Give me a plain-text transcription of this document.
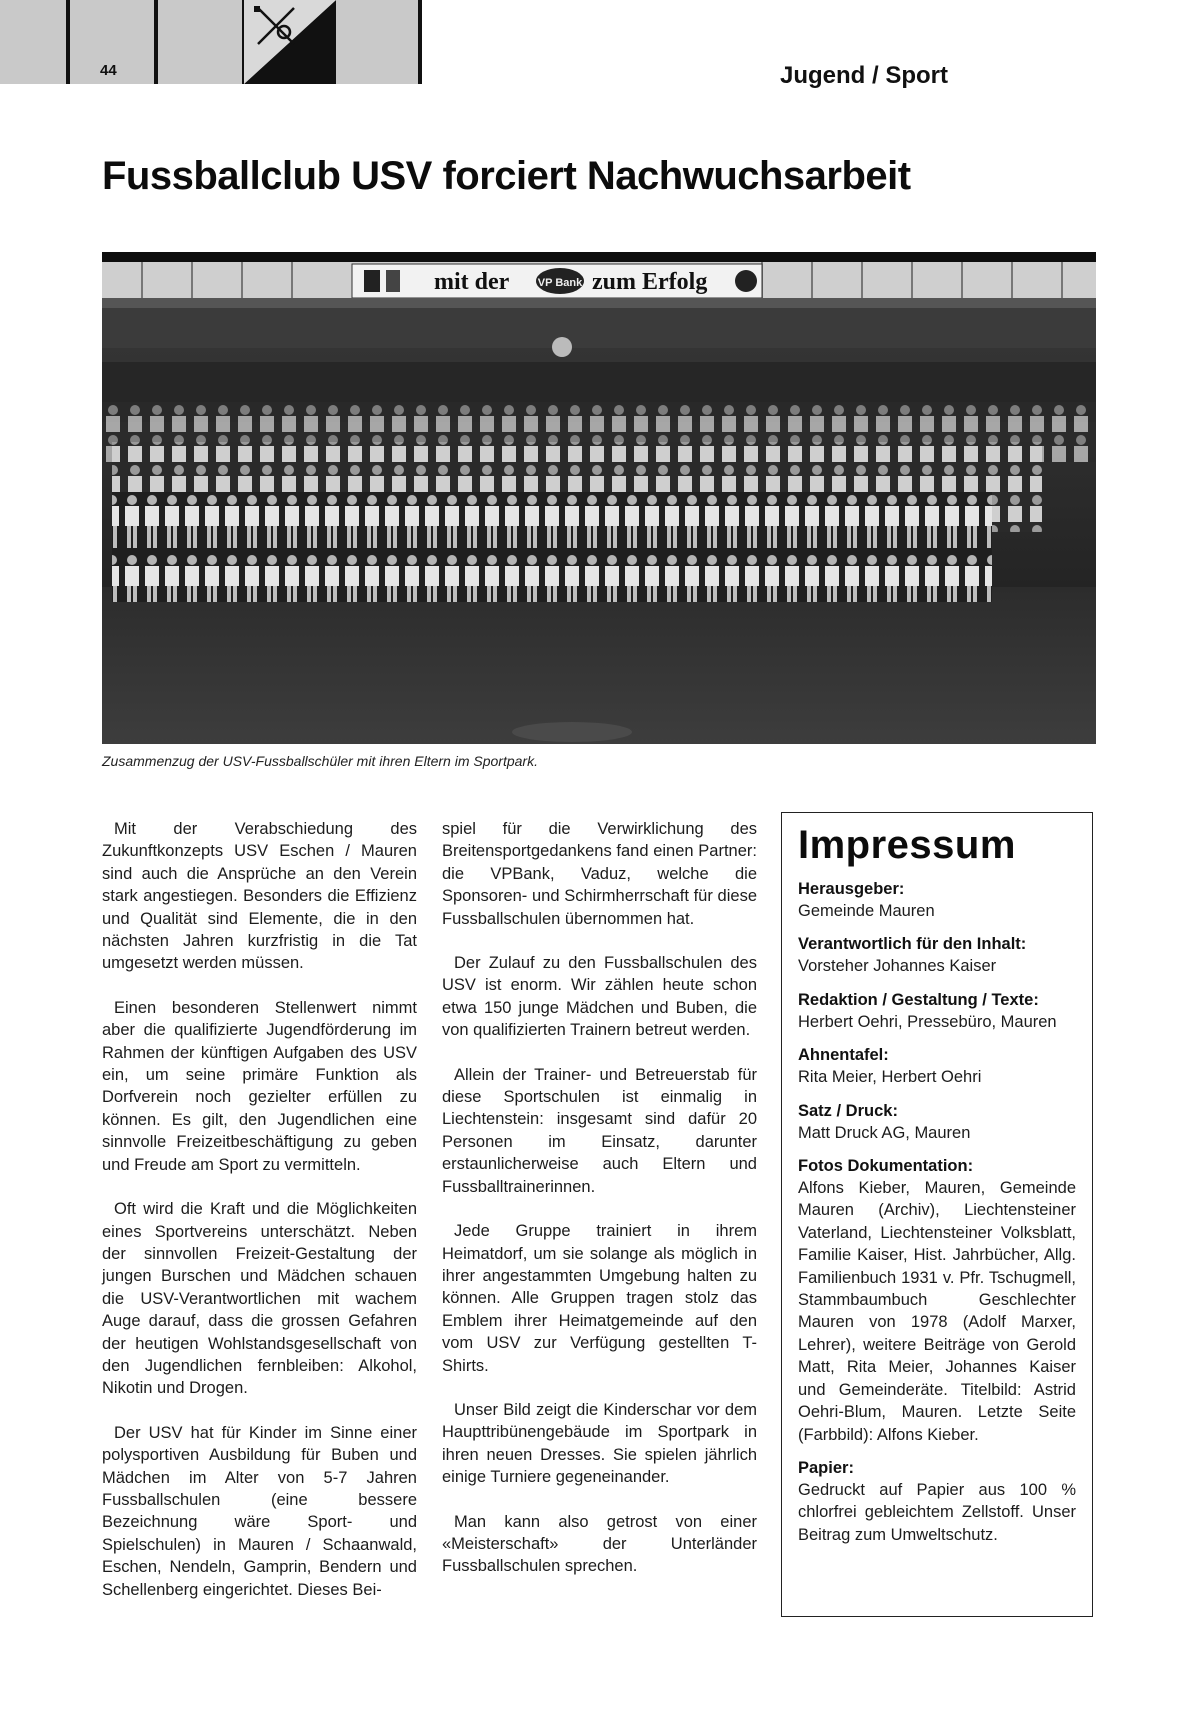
44	Jugend / Sport
Fussballclub USV forciert Nachwuchsarbeit
mit der	VP Bank zum Erfolg
Zusammenzug der USV-Fussballschüler mit ihren Eltern im Sportpark.

Mit der Verabschiedung des Zukunftkonzepts USV Eschen / Mauren sind auch die Ansprüche an den Verein stark angestiegen. Besonders die Effizienz und Qualität sind Elemente, die in den nächsten Jahren kurzfristig in die Tat umgesetzt werden müssen.

Einen besonderen Stellenwert nimmt aber die qualifizierte Jugendförderung im Rahmen der künftigen Aufgaben des USV ein, um seine primäre Funktion als Dorfverein noch gezielter erfüllen zu können. Es gilt, den Jugendlichen eine sinnvolle Freizeitbeschäftigung zu geben und Freude am Sport zu vermitteln.

Oft wird die Kraft und die Möglichkeiten eines Sportvereins unterschätzt. Neben der sinnvollen Freizeit-Gestaltung der jungen Burschen und Mädchen schauen die USV-Verantwortlichen mit wachem Auge darauf, dass die grossen Gefahren der heutigen Wohlstandsgesellschaft von den Jugendlichen fernbleiben: Alkohol, Nikotin und Drogen.

Der USV hat für Kinder im Sinne einer polysportiven Ausbildung für Buben und Mädchen im Alter von 5-7 Jahren Fussballschulen (eine bessere Bezeichnung wäre Sport- und Spielschulen) in Mauren / Schaanwald, Eschen, Nendeln, Gamprin, Bendern und Schellenberg eingerichtet. Dieses Bei-

spiel für die Verwirklichung des Breitensportgedankens fand einen Partner: die VPBank, Vaduz, welche die Sponsoren- und Schirmherrschaft für diese Fussballschulen übernommen hat.

Der Zulauf zu den Fussballschulen des USV ist enorm. Wir zählen heute schon etwa 150 junge Mädchen und Buben, die von qualifizierten Trainern betreut werden.

Allein der Trainer- und Betreuerstab für diese Sportschulen ist einmalig in Liechtenstein: insgesamt sind dafür 20 Personen im Einsatz, darunter erstaunlicherweise auch Eltern und Fussballtrainerinnen.

Jede Gruppe trainiert in ihrem Heimatdorf, um sie solange als möglich in ihrer angestammten Umgebung halten zu können. Alle Gruppen tragen stolz das Emblem ihrer Heimatgemeinde auf den vom USV zur Verfügung gestellten T-Shirts.

Unser Bild zeigt die Kinderschar vor dem Haupttribünengebäude im Sportpark in ihren neuen Dresses. Sie spielen jährlich einige Turniere gegeneinander.

Man kann also getrost von einer «Meisterschaft» der Unterländer Fussballschulen sprechen.

Impressum
Herausgeber:
Gemeinde Mauren
Verantwortlich für den Inhalt:
Vorsteher Johannes Kaiser
Redaktion / Gestaltung / Texte:
Herbert Oehri, Pressebüro, Mauren
Ahnentafel:
Rita Meier, Herbert Oehri
Satz / Druck:
Matt Druck AG, Mauren
Fotos Dokumentation:
Alfons Kieber, Mauren, Gemeinde Mauren (Archiv), Liechtensteiner Vaterland, Liechtensteiner Volksblatt, Familie Kaiser, Hist. Jahrbücher, Allg. Familienbuch 1931 v. Pfr. Tschugmell, Stammbaumbuch Geschlechter Mauren von 1978 (Adolf Marxer, Lehrer), weitere Beiträge von Gerold Matt, Rita Meier, Johannes Kaiser und Gemeinderäte. Titelbild: Astrid Oehri-Blum, Mauren. Letzte Seite (Farbbild): Alfons Kieber.
Papier:
Gedruckt auf Papier aus 100 % chlorfrei gebleichtem Zellstoff. Unser Beitrag zum Umweltschutz.
